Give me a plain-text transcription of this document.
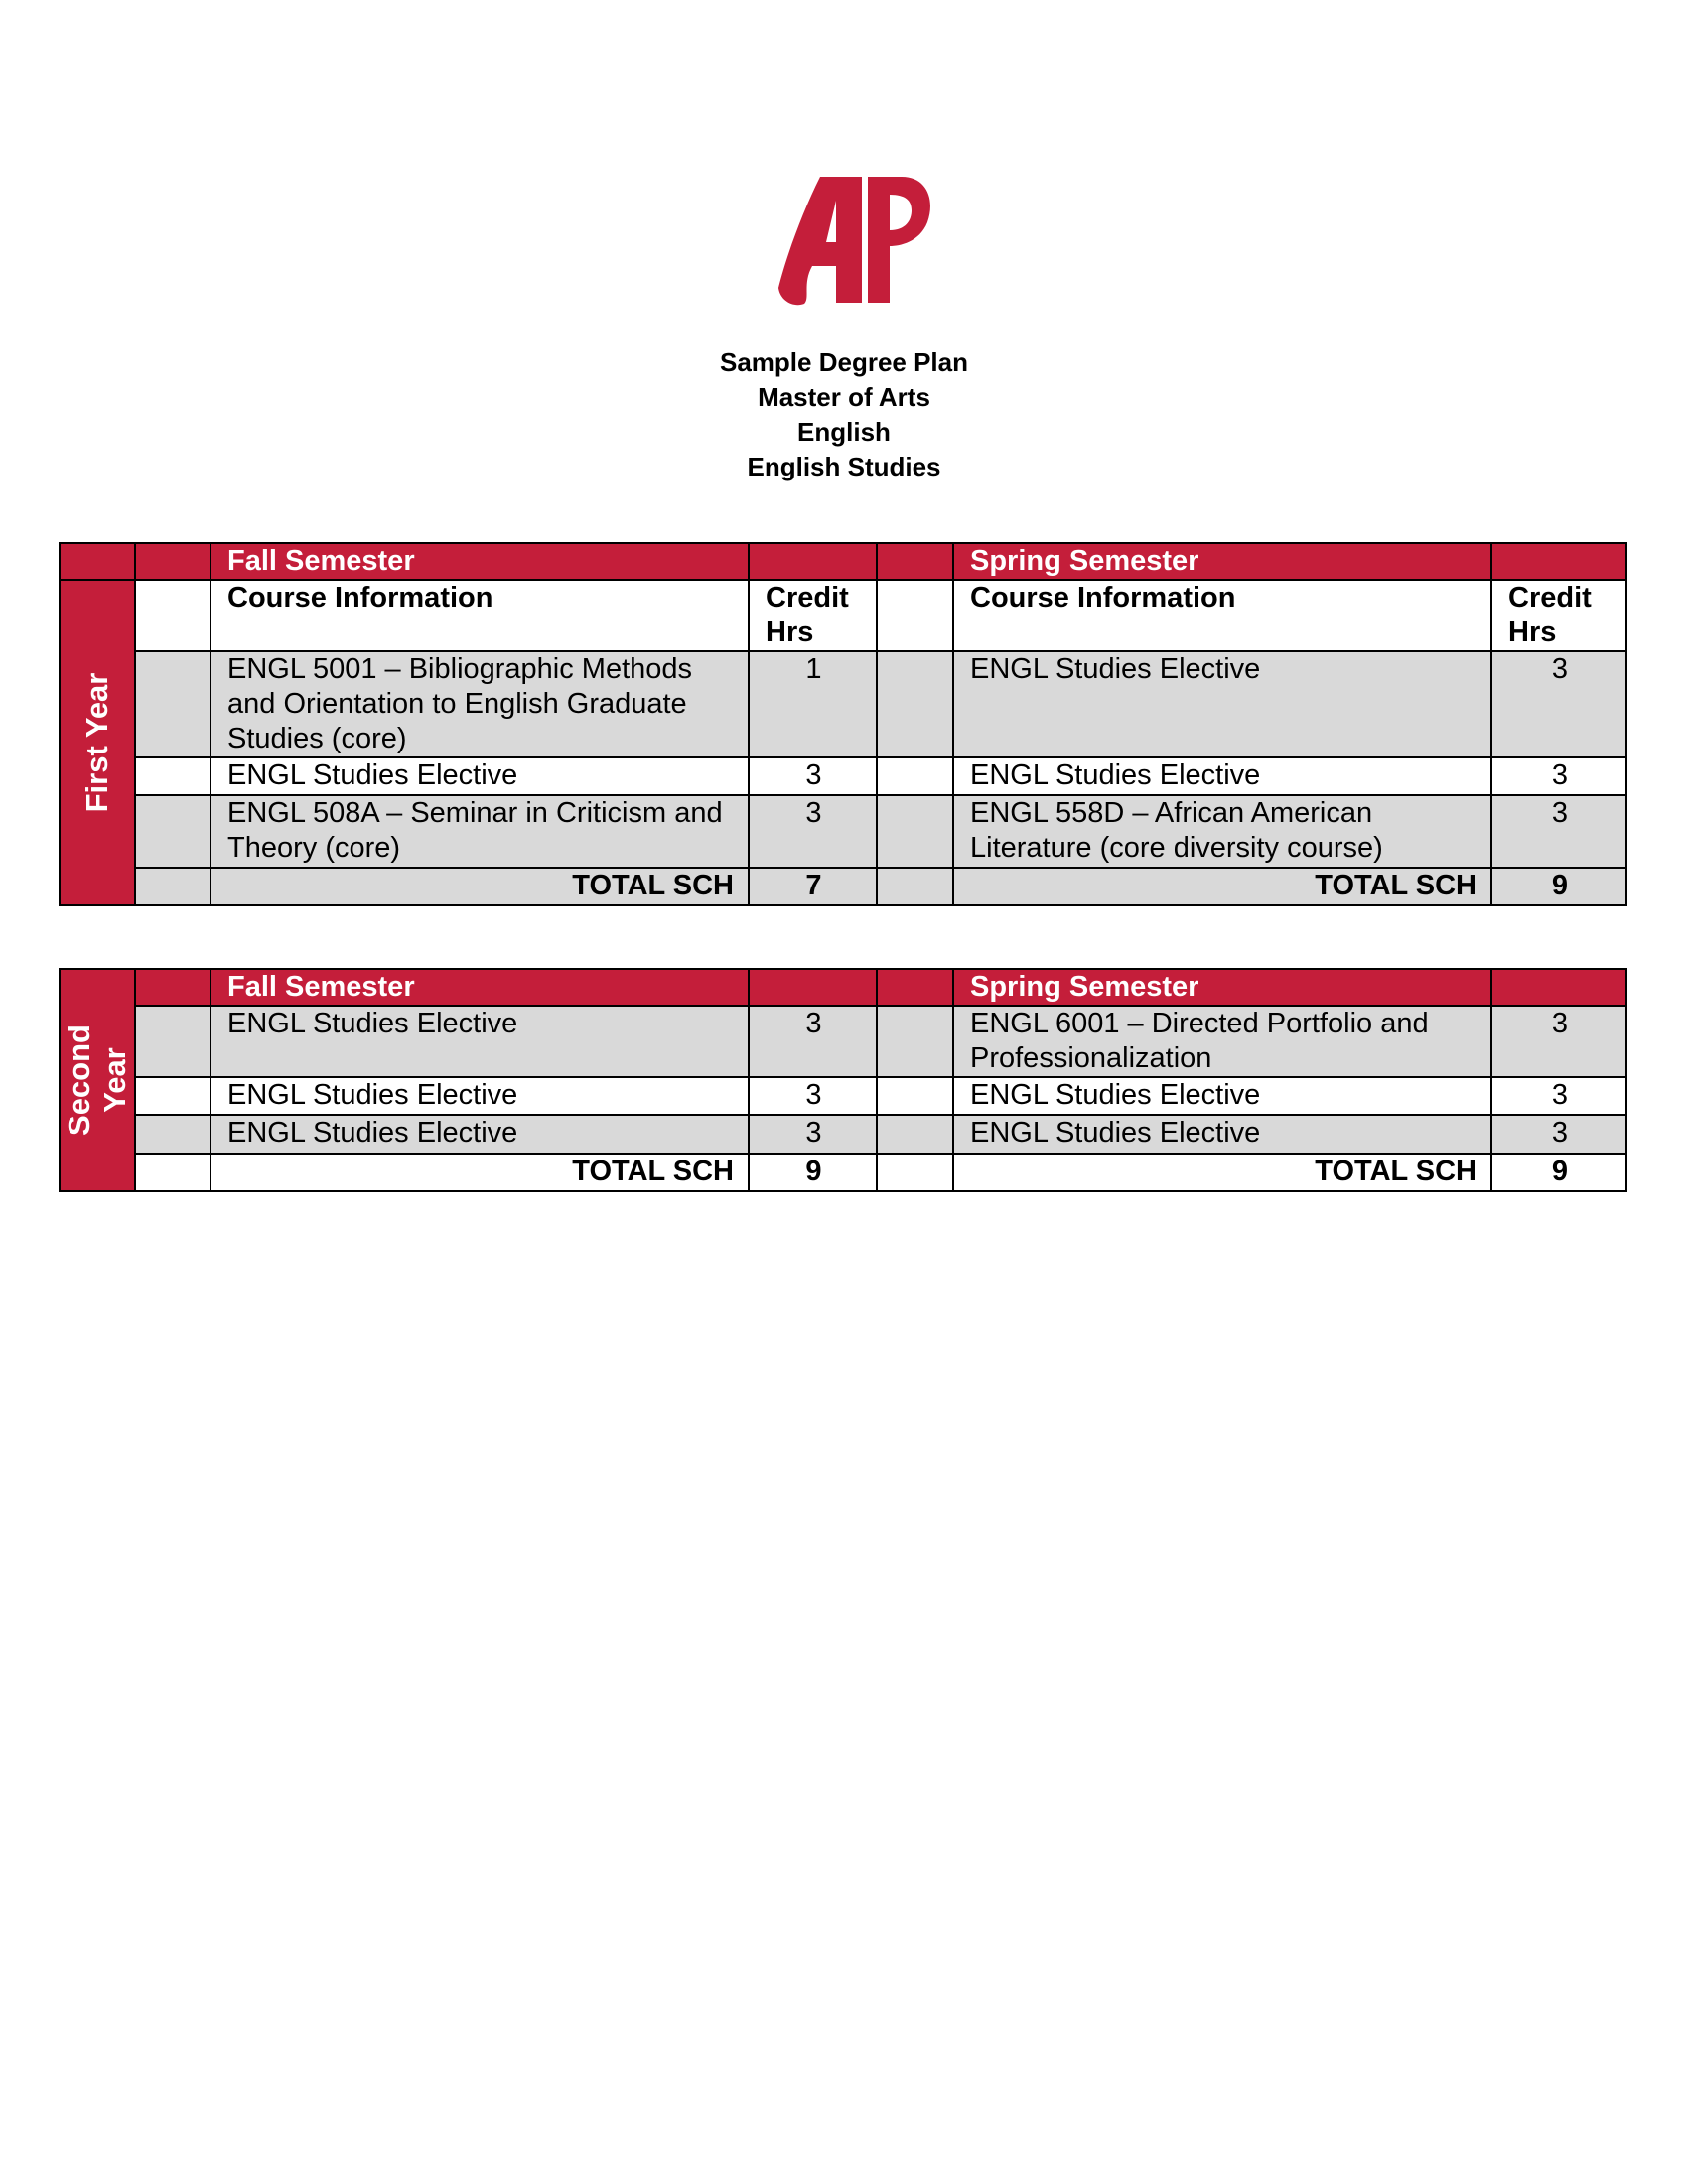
Sample Degree Plan
Master of Arts
English
English Studies
		Fall Semester			Spring Semester	

First Year		Course Information	Credit Hrs		Course Information	Credit Hrs
		ENGL 5001 – Bibliographic Methods and Orientation to English Graduate Studies (core)	1		ENGL Studies Elective	3
		ENGL Studies Elective	3		ENGL Studies Elective	3
		ENGL 508A – Seminar in Criticism and Theory (core)	3		ENGL 558D – African American Literature (core diversity course)	3
		TOTAL SCH	7		TOTAL SCH	9
Second Year		Fall Semester			Spring Semester	
		ENGL Studies Elective	3		ENGL 6001 – Directed Portfolio and Professionalization	3
		ENGL Studies Elective	3		ENGL Studies Elective	3
		ENGL Studies Elective	3		ENGL Studies Elective	3
		TOTAL SCH	9		TOTAL SCH	9
